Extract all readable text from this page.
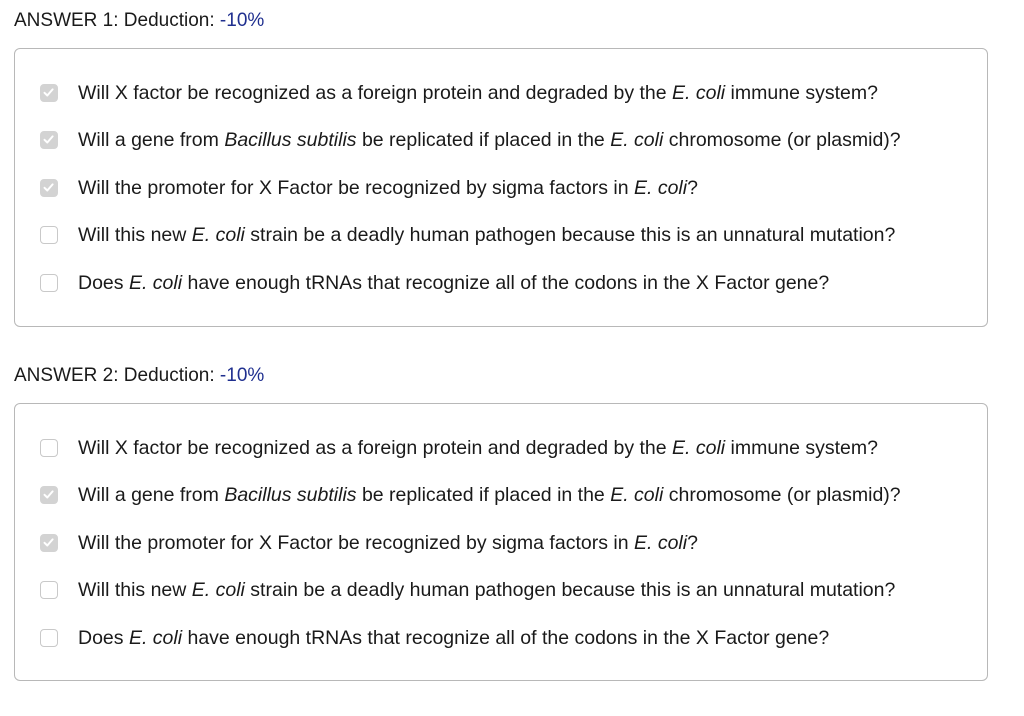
ANSWER 1: Deduction: -10%
Will X factor be recognized as a foreign protein and degraded by the E. coli immune system?
Will a gene from Bacillus subtilis be replicated if placed in the E. coli chromosome (or plasmid)?
Will the promoter for X Factor be recognized by sigma factors in E. coli?
Will this new E. coli strain be a deadly human pathogen because this is an unnatural mutation?
Does E. coli have enough tRNAs that recognize all of the codons in the X Factor gene?
ANSWER 2: Deduction: -10%
Will X factor be recognized as a foreign protein and degraded by the E. coli immune system?
Will a gene from Bacillus subtilis be replicated if placed in the E. coli chromosome (or plasmid)?
Will the promoter for X Factor be recognized by sigma factors in E. coli?
Will this new E. coli strain be a deadly human pathogen because this is an unnatural mutation?
Does E. coli have enough tRNAs that recognize all of the codons in the X Factor gene?
